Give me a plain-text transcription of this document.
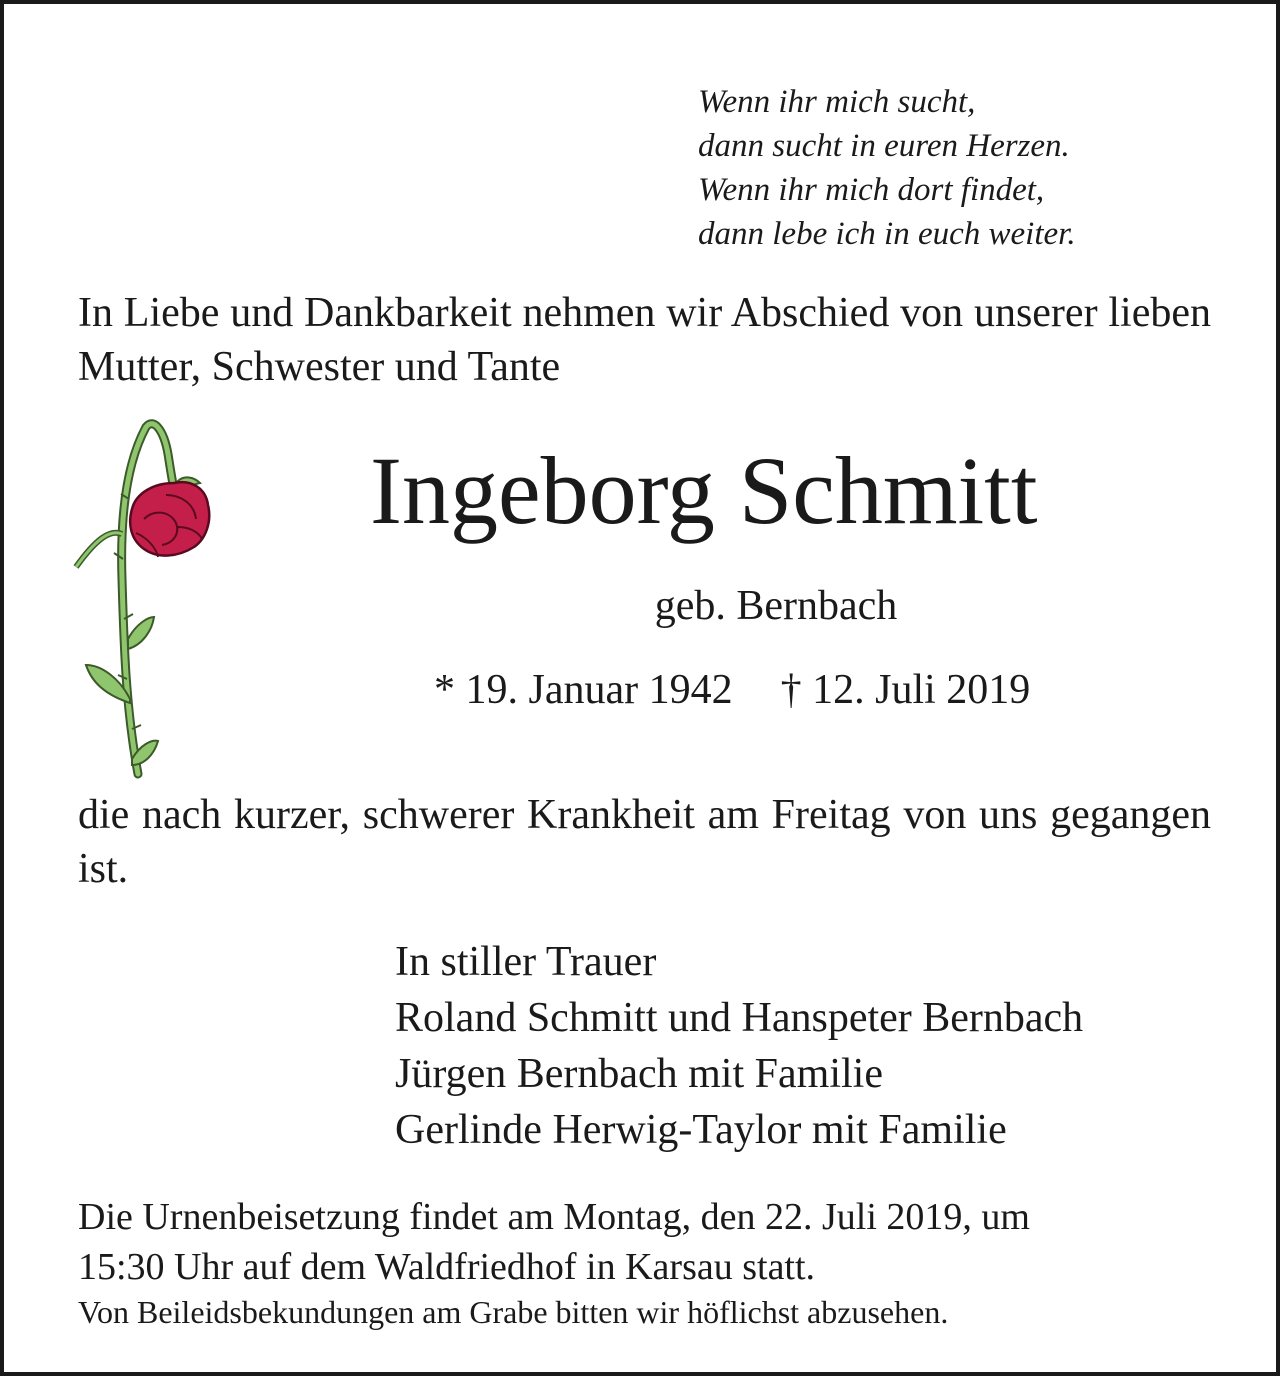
Wenn ihr mich sucht,
dann sucht in euren Herzen.
Wenn ihr mich dort findet,
dann lebe ich in euch weiter.
In Liebe und Dankbarkeit nehmen wir Abschied von unserer lieben Mutter, Schwester und Tante
Ingeborg Schmitt
geb. Bernbach
* 19. Januar 1942 † 12. Juli 2019
die nach kurzer, schwerer Krankheit am Freitag von uns gegangen ist.
In stiller Trauer
Roland Schmitt und Hanspeter Bernbach
Jürgen Bernbach mit Familie
Gerlinde Herwig-Taylor mit Familie
Die Urnenbeisetzung findet am Montag, den 22. Juli 2019, um
15:30 Uhr auf dem Waldfriedhof in Karsau statt.
Von Beileidsbekundungen am Grabe bitten wir höflichst abzusehen.
